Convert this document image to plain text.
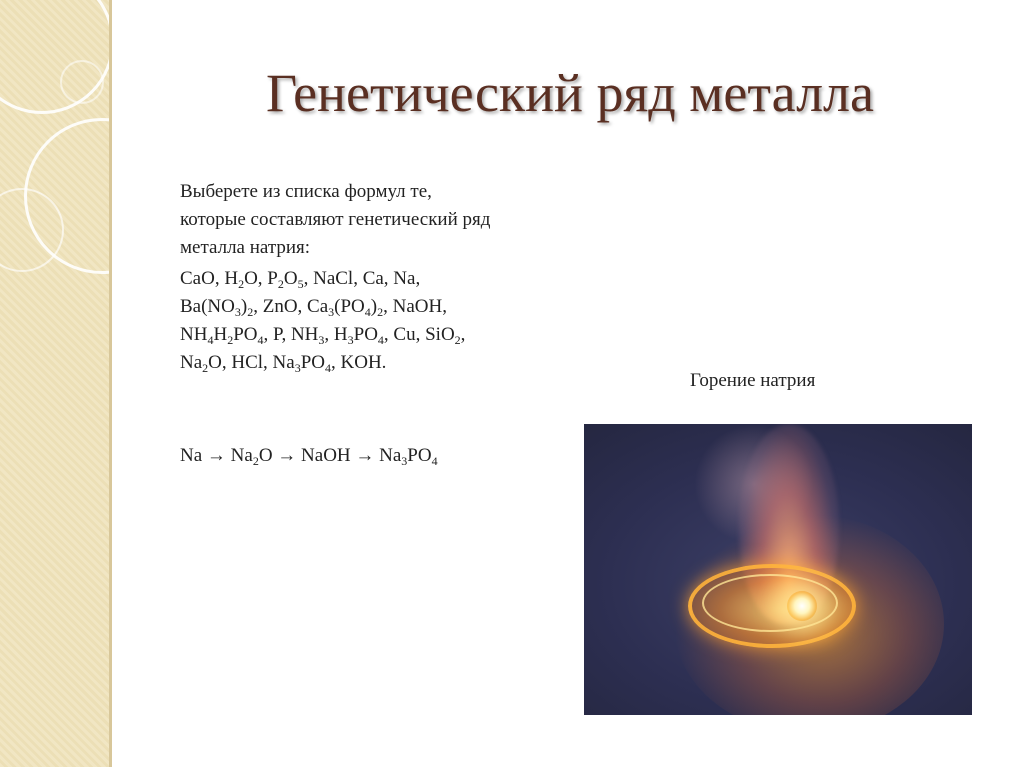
Генетический ряд металла
Выберете из списка формул те,
которые составляют генетический ряд
металла натрия:
CaO, $H_2O$, $P_2O_5$, NaCl, Ca, Na,
$Ba(NO_3)_2$, ZnO, $Ca_3(PO_4)_2$, NaOH,
$NH_4H_2PO_4$, P, $NH_3$, $H_3PO_4$, Cu, SiO$_2$,
$Na_2O$, HCl, $Na_3PO_4$, KOH.
$Na \to Na_2O$ → NaOH → $Na_3PO_4$
Горение натрия
